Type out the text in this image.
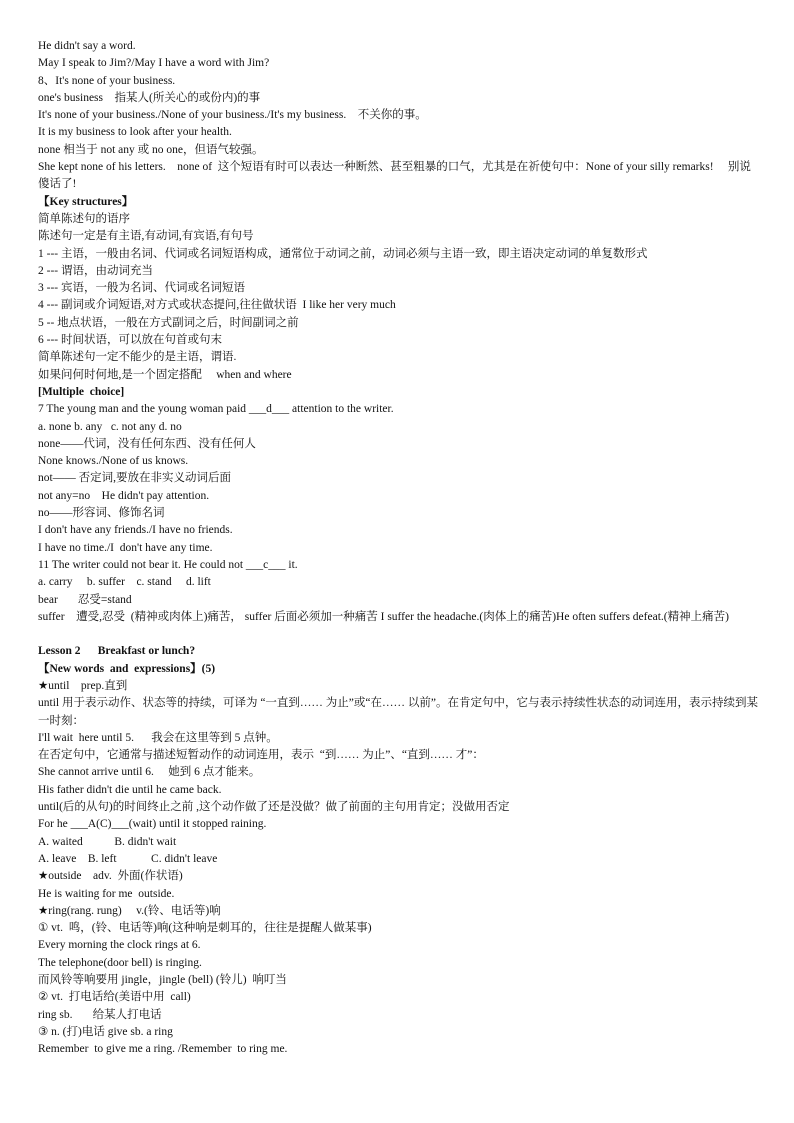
He didn't say a word.
May I speak to Jim?/May I have a word with Jim?
8、It's none of your business.
one's business    指某人(所关心的或份内)的事
It's none of your business./None of your business./It's my business.    不关你的事。
It is my business to look after your health.
none 相当于 not any 或 no one，但语气较强。
She kept none of his letters.    none of  这个短语有时可以表达一种断然、甚至粗暴的口气，尤其是在祈使句中：None of your silly remarks!     别说傻话了!
【Key structures】
简单陈述句的语序
陈述句一定是有主语,有动词,有宾语,有句号
1 --- 主语，一般由名词、代词或名词短语构成，通常位于动词之前，动词必须与主语一致，即主语决定动词的单复数形式
2 --- 谓语，由动词充当
3 --- 宾语，一般为名词、代词或名词短语
4 --- 副词或介词短语,对方式或状态提问,往往做状语  I like her very much
5 -- 地点状语，一般在方式副词之后，时间副词之前
6 --- 时间状语，可以放在句首或句末
简单陈述句一定不能少的是主语，谓语.
如果问何时何地,是一个固定搭配     when and where
[Multiple  choice]
7 The young man and the young woman paid ___d___ attention to the writer.
a. none b. any   c. not any d. no
none——代词，没有任何东西、没有任何人
None knows./None of us knows.
not—— 否定词,要放在非实义动词后面
not any=no    He didn't pay attention.
no——形容词、修饰名词
I don't have any friends./I have no friends.
I have no time./I  don't have any time.
11 The writer could not bear it. He could not ___c___ it.
a. carry     b. suffer    c. stand     d. lift
bear       忍受=stand
suffer    遭受,忍受  (精神或肉体上)痛苦， suffer 后面必须加一种痛苦 I suffer the headache.(肉体上的痛苦)He often suffers defeat.(精神上痛苦)
Lesson 2      Breakfast or lunch?
【New words  and  expressions】(5)
★until    prep.直到
until 用于表示动作、状态等的持续，可译为 “一直到…… 为止”或“在…… 以前”。在肯定句中，它与表示持续性状态的动词连用，表示持续到某一时刻：
I'll wait  here until 5.      我会在这里等到 5 点钟。
在否定句中，它通常与描述短暂动作的动词连用，表示  “到…… 为止”、“直到…… 才”：
She cannot arrive until 6.     她到 6 点才能来。
His father didn't die until he came back.
until(后的从句)的时间终止之前 ,这个动作做了还是没做？做了前面的主句用肯定；没做用否定
For he ___A(C)___(wait) until it stopped raining.
A. waited           B. didn't wait
A. leave    B. left            C. didn't leave
★outside    adv.  外面(作状语)
He is waiting for me  outside.
★ring(rang. rung)     v.(铃、电话等)响
① vt.  鸣，(铃、电话等)响(这种响是刺耳的，往往是提醒人做某事)
Every morning the clock rings at 6.
The telephone(door bell) is ringing.
而风铃等响要用 jingle，jingle (bell) (铃儿)  响叮当
② vt.  打电话给(美语中用  call)
ring sb.       给某人打电话
③ n. (打)电话 give sb. a ring
Remember  to give me a ring. /Remember  to ring me.
